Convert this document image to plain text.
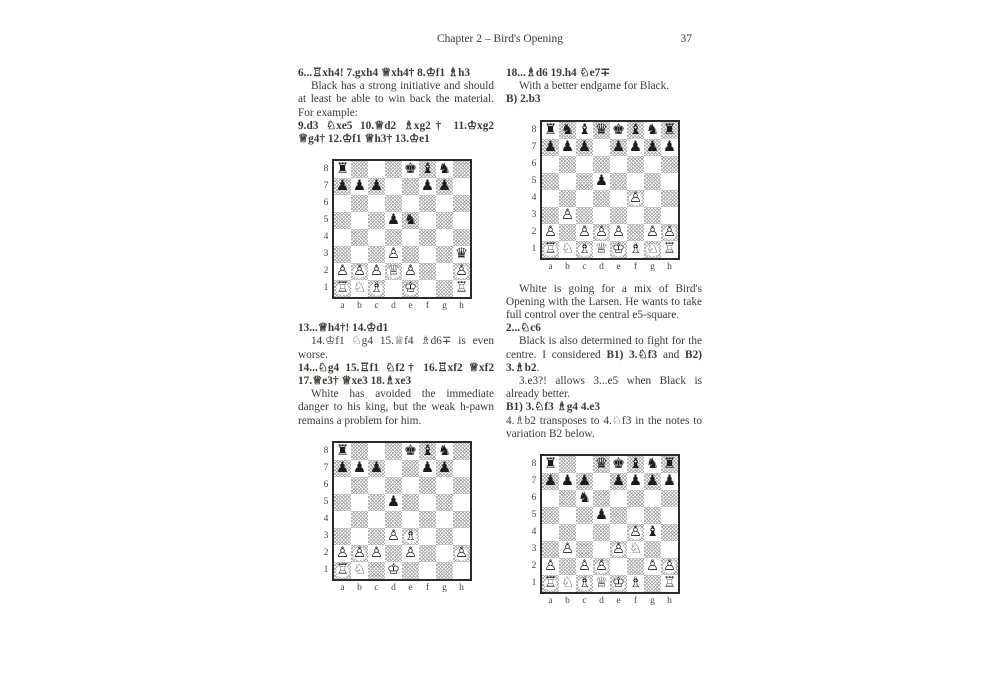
Chapter 2 – Bird's Opening	37

6...♖xh4! 7.gxh4 ♕xh4† 8.♔f1 ♗h3

Black has a strong initiative and should at least be able to win back the material. For example:

9.d3 ♘xe5 10.♕d2 ♗xg2† 11.♔xg2 ♕g4† 12.♔f1 ♕h3† 13.♔e1

8
7
6
5
4
3
2
1
♜	♚ ♝ ♞
♟ ♟ ♟	♟ ♟
♟ ♞
♙	♛
♙ ♙ ♙ ♕ ♙	♙
♖ ♘ ♗ ♔	♖
a	b	c	d	e	f	g	h

13...♕h4†! 14.♔d1

14.♔f1 ♘g4 15.♕f4 ♗d6∓ is even worse.

14...♘g4 15.♖f1 ♘f2† 16.♖xf2 ♕xf2 17.♕e3† ♕xe3 18.♗xe3

White has avoided the immediate danger to his king, but the weak h-pawn remains a problem for him.

8
7
6
5
4
3
2
1
♜	♚ ♝ ♞
♟ ♟ ♟	♟ ♟
♟
♙ ♗
♙ ♙ ♙ ♙	♙
♖ ♘ ♔
a	b	c	d	e	f	g	h

18...♗d6 19.h4 ♘e7∓

With a better endgame for Black.

B) 2.b3

8
7
6
5
4
3
2
1
♜ ♞ ♝ ♛ ♚ ♝ ♞ ♜
♟ ♟ ♟ ♟ ♟ ♟ ♟
♟
♙
♙
♙ ♙ ♙ ♙ ♙ ♙
♖ ♘ ♗ ♕ ♔ ♗ ♘ ♖
a	b	c	d	e	f	g	h

White is going for a mix of Bird's Opening with the Larsen. He wants to take full control over the central e5-square.

2...♘c6

Black is also determined to fight for the centre. I considered B1) 3.♘f3 and B2) 3.♗b2.

3.e3?! allows 3...e5 when Black is already better.

B1) 3.♘f3 ♗g4 4.e3

4.♗b2 transposes to 4.♘f3 in the notes to variation B2 below.

8
7
6
5
4
3
2
1
♜	♛ ♚ ♝ ♞ ♜
♟ ♟ ♟ ♟ ♟ ♟ ♟
♞
♟
♙ ♝
♙	♙ ♘
♙ ♙ ♙	♙ ♙
♖ ♘ ♗ ♕ ♔ ♗ ♖
a	b	c	d	e	f	g	h
